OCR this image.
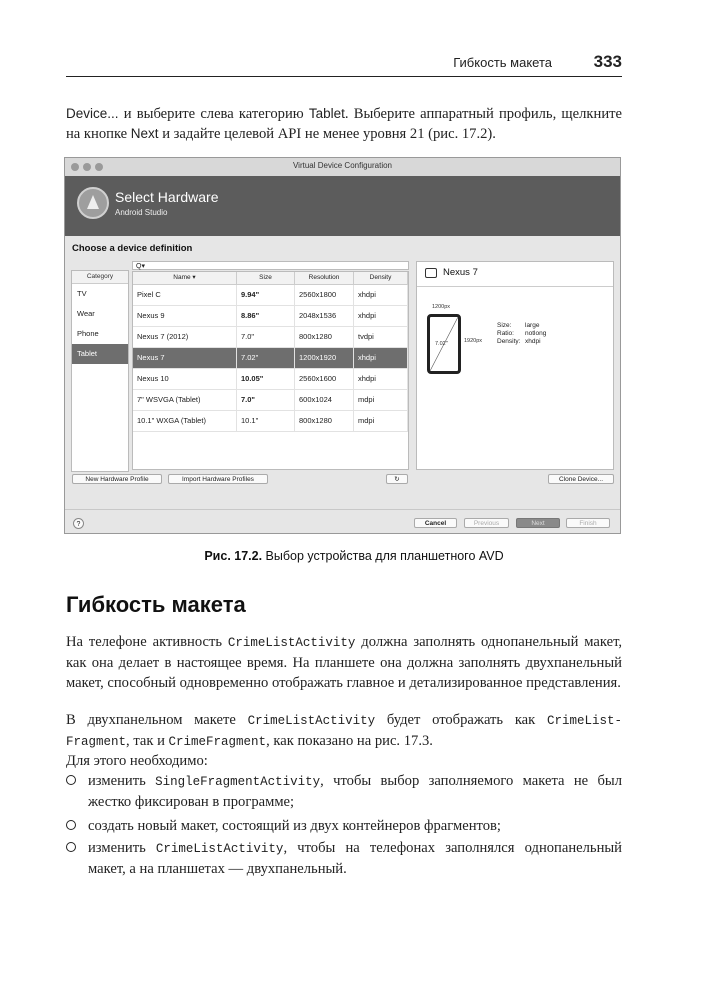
Гибкость макета 333
Device... и выберите слева категорию Tablet. Выберите аппаратный профиль, щелкните на кнопке Next и задайте целевой API не менее уровня 21 (рис. 17.2).
Virtual Device Configuration
Select Hardware
Android Studio
Choose a device definition
Category
TV
Wear
Phone
Tablet
Q▾
Name ▾	Size	Resolution	Density
Pixel C	9.94"	2560x1800	xhdpi
Nexus 9	8.86"	2048x1536	xhdpi
Nexus 7 (2012)	7.0"	800x1280	tvdpi
Nexus 7	7.02"	1200x1920	xhdpi
Nexus 10	10.05"	2560x1600	xhdpi
7" WSVGA (Tablet)	7.0"	600x1024	mdpi
10.1" WXGA (Tablet)	10.1"	800x1280	mdpi
Nexus 7
1200px
7.02"	1920px
Size: large
Ratio: notlong
Density: xhdpi
New Hardware Profile	Import Hardware Profiles	↻	Clone Device...
?	Cancel	Previous	Next	Finish
Рис. 17.2. Выбор устройства для планшетного AVD
Гибкость макета
На телефоне активность CrimeListActivity должна заполнять однопанельный макет, как она делает в настоящее время. На планшете она должна заполнять двухпанельный макет, способный одновременно отображать главное и детализированное представления.
В двухпанельном макете CrimeListActivity будет отображать как CrimeList-Fragment, так и CrimeFragment, как показано на рис. 17.3.
Для этого необходимо:
изменить SingleFragmentActivity, чтобы выбор заполняемого макета не был жестко фиксирован в программе;
создать новый макет, состоящий из двух контейнеров фрагментов;
изменить CrimeListActivity, чтобы на телефонах заполнялся однопанельный макет, а на планшетах — двухпанельный.
